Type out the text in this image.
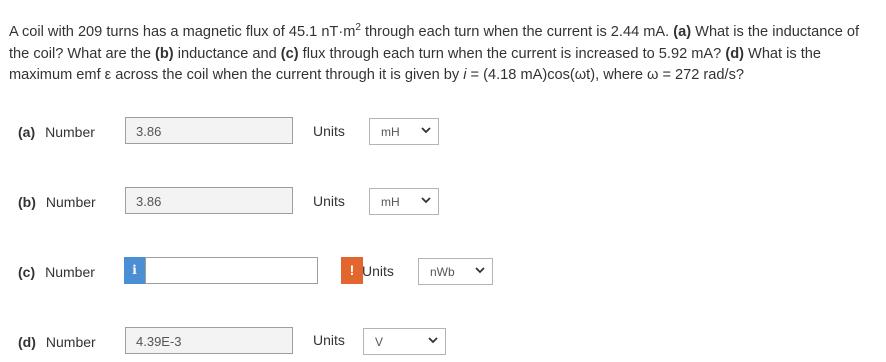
A coil with 209 turns has a magnetic flux of 45.1 $nT\cdot m^2$ through each turn when the current is 2.44 mA. (a) What is the inductance of the coil? What are the (b) inductance and (c) flux through each turn when the current is increased to 5.92 mA? (d) What is the maximum emf ε across the coil when the current through it is given by i = (4.18 mA)cos(ωt), where ω = 272 rad/s?
(a) Number	3.86	Units	mH
(b) Number	3.86	Units	mH
(c) Number	i	! Units	nWb
(d) Number	4.39E-3	Units	V
